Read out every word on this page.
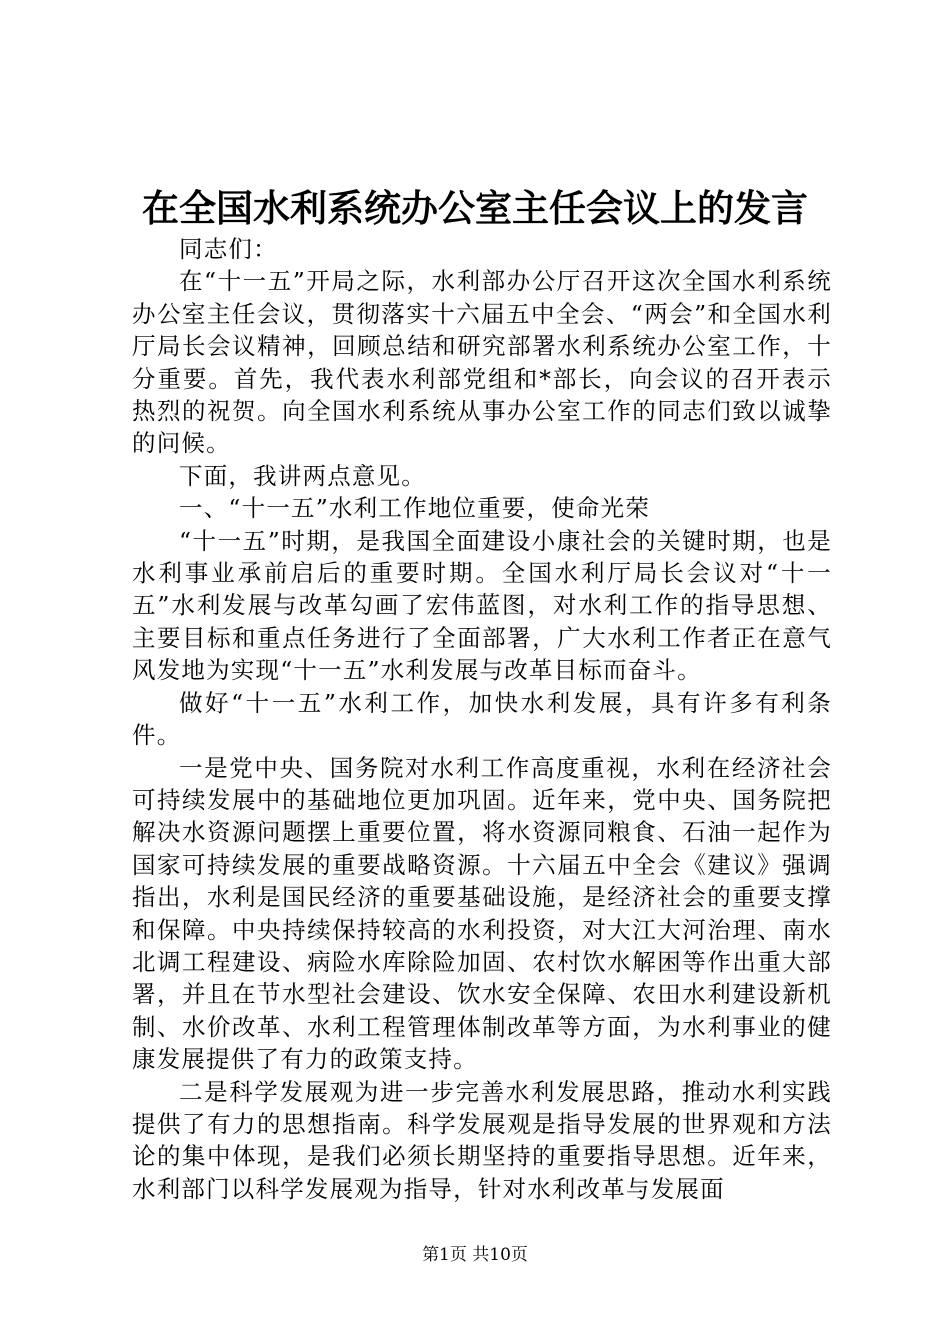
在全国水利系统办公室主任会议上的发言

同志们：

在“十一五”开局之际，水利部办公厅召开这次全国水利系统办公室主任会议，贯彻落实十六届五中全会、“两会”和全国水利厅局长会议精神，回顾总结和研究部署水利系统办公室工作，十分重要。首先，我代表水利部党组和*部长，向会议的召开表示热烈的祝贺。向全国水利系统从事办公室工作的同志们致以诚挚的问候。

下面，我讲两点意见。

一、“十一五”水利工作地位重要，使命光荣

“十一五”时期，是我国全面建设小康社会的关键时期，也是水利事业承前启后的重要时期。全国水利厅局长会议对“十一五”水利发展与改革勾画了宏伟蓝图，对水利工作的指导思想、主要目标和重点任务进行了全面部署，广大水利工作者正在意气风发地为实现“十一五”水利发展与改革目标而奋斗。

做好“十一五”水利工作，加快水利发展，具有许多有利条件。

一是党中央、国务院对水利工作高度重视，水利在经济社会可持续发展中的基础地位更加巩固。近年来，党中央、国务院把解决水资源问题摆上重要位置，将水资源同粮食、石油一起作为国家可持续发展的重要战略资源。十六届五中全会《建议》强调指出，水利是国民经济的重要基础设施，是经济社会的重要支撑和保障。中央持续保持较高的水利投资，对大江大河治理、南水北调工程建设、病险水库除险加固、农村饮水解困等作出重大部署，并且在节水型社会建设、饮水安全保障、农田水利建设新机制、水价改革、水利工程管理体制改革等方面，为水利事业的健康发展提供了有力的政策支持。

二是科学发展观为进一步完善水利发展思路，推动水利实践提供了有力的思想指南。科学发展观是指导发展的世界观和方法论的集中体现，是我们必须长期坚持的重要指导思想。近年来，水利部门以科学发展观为指导，针对水利改革与发展面

第1页 共10页
